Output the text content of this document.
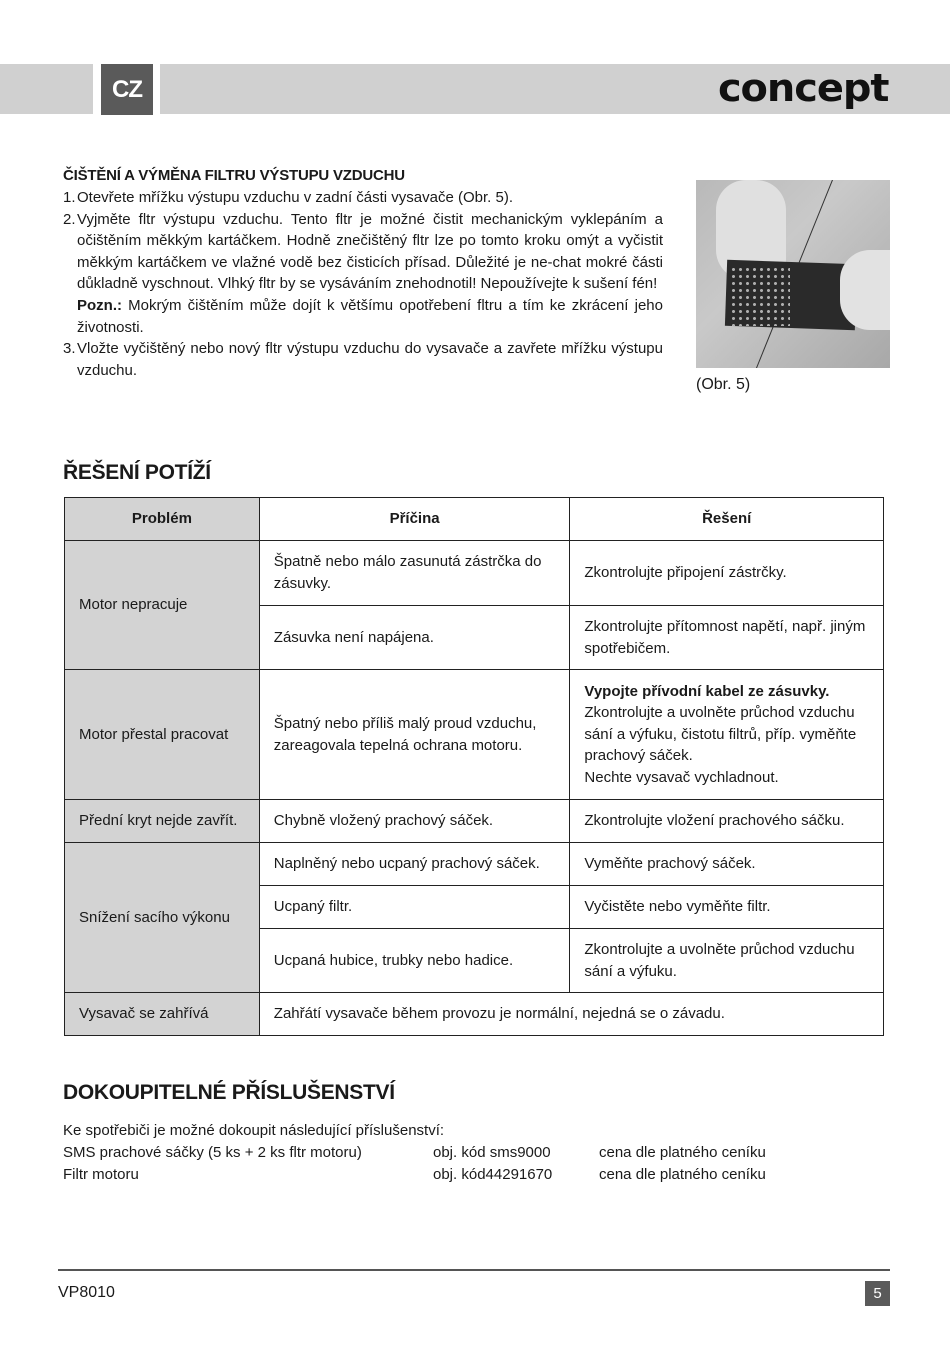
CZ	concept
ČIŠTĚNÍ A VÝMĚNA FILTRU VÝSTUPU VZDUCHU
1. Otevřete mřížku výstupu vzduchu v zadní části vysavače (Obr. 5).
2. Vyjměte fltr výstupu vzduchu. Tento fltr je možné čistit mechanickým vyklepáním a očištěním měkkým kartáčkem. Hodně znečištěný fltr lze po tomto kroku omýt a vyčistit měkkým kartáčkem ve vlažné vodě bez čisticích přísad. Důležité je ne-chat mokré části důkladně vyschnout. Vlhký fltr by se vysáváním znehodnotil! Nepoužívejte k sušení fén!
Pozn.: Mokrým čištěním může dojít k většímu opotřebení fltru a tím ke zkrácení jeho životnosti.
3. Vložte vyčištěný nebo nový fltr výstupu vzduchu do vysavače a zavřete mřížku výstupu vzduchu.
(Obr. 5)
ŘEŠENÍ POTÍŽÍ
Problém	Příčina	Řešení
Motor nepracuje	Špatně nebo málo zasunutá zástrčka do zásuvky.	Zkontrolujte připojení zástrčky.
	Zásuvka není napájena.	Zkontrolujte přítomnost napětí, např. jiným spotřebičem.
Motor přestal pracovat	Špatný nebo příliš malý proud vzduchu, zareagovala tepelná ochrana motoru.	Vypojte přívodní kabel ze zásuvky.
Zkontrolujte a uvolněte průchod vzduchu sání a výfuku, čistotu filtrů, příp. vyměňte prachový sáček.
Nechte vysavač vychladnout.

Přední kryt nejde zavřít.	Chybně vložený prachový sáček.	Zkontrolujte vložení prachového sáčku.
Snížení sacího výkonu	Naplněný nebo ucpaný prachový sáček.	Vyměňte prachový sáček.
	Ucpaný filtr.	Vyčistěte nebo vyměňte filtr.
	Ucpaná hubice, trubky nebo hadice.	Zkontrolujte a uvolněte průchod vzduchu sání a výfuku.
Vysavač se zahřívá	Zahřátí vysavače během provozu je normální, nejedná se o závadu.	
DOKOUPITELNÉ PŘÍSLUŠENSTVÍ
Ke spotřebiči je možné dokoupit následující příslušenství:
SMS prachové sáčky (5 ks + 2 ks fltr motoru)	obj. kód sms9000	cena dle platného ceníku
Filtr motoru	obj. kód44291670	cena dle platného ceníku
VP8010	5
